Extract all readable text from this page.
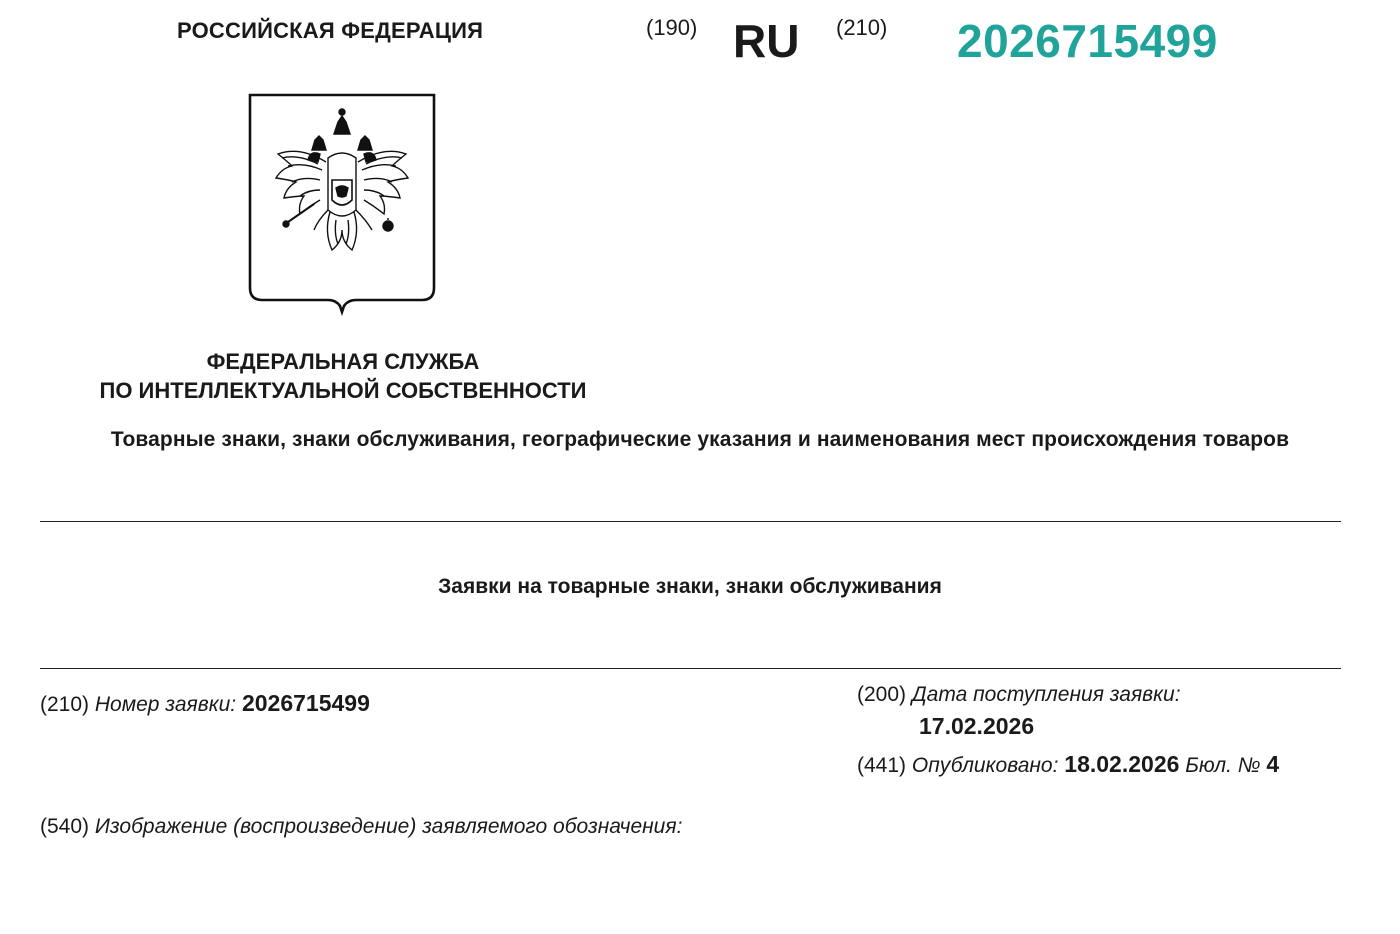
РОССИЙСКАЯ ФЕДЕРАЦИЯ	(190) RU (210) 2026715499
ФЕДЕРАЛЬНАЯ СЛУЖБА
ПО ИНТЕЛЛЕКТУАЛЬНОЙ СОБСТВЕННОСТИ
Товарные знаки, знаки обслуживания, географические указания и наименования мест происхождения товаров
Заявки на товарные знаки, знаки обслуживания
(210) Номер заявки: 2026715499	(200) Дата поступления заявки:
17.02.2026
(441) Опубликовано: 18.02.2026 Бюл. № 4
(540) Изображение (воспроизведение) заявляемого обозначения:
